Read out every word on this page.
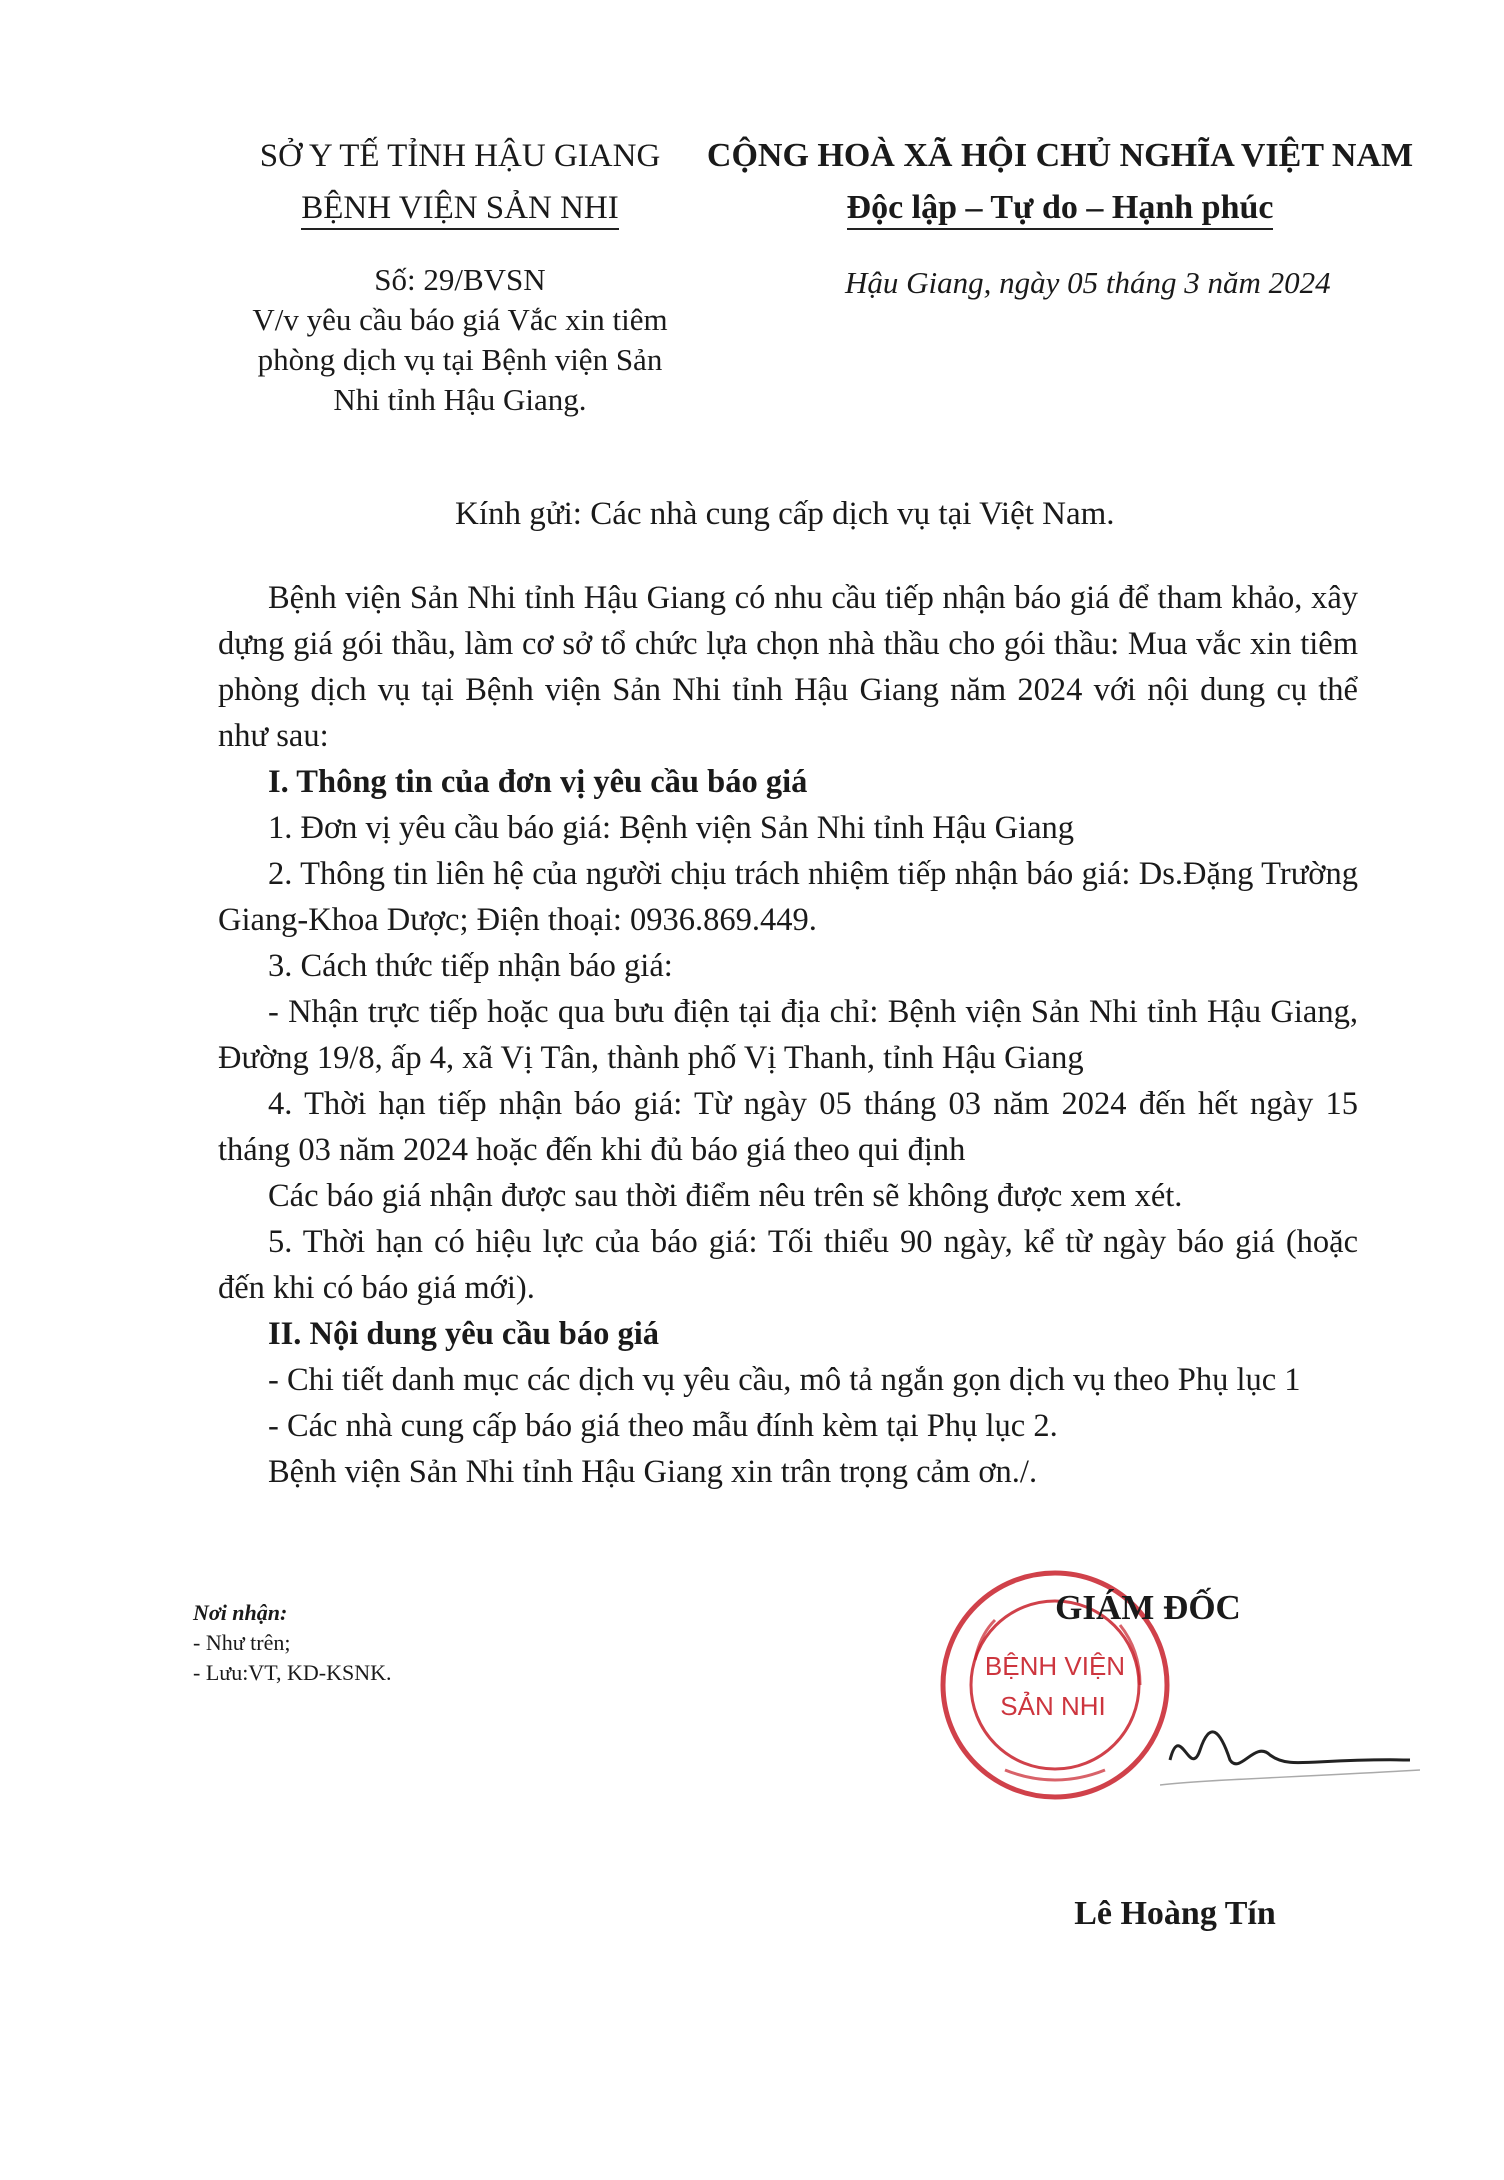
SỞ Y TẾ TỈNH HẬU GIANG
BỆNH VIỆN SẢN NHI
CỘNG HOÀ XÃ HỘI CHỦ NGHĨA VIỆT NAM
Độc lập – Tự do – Hạnh phúc
Số: 29/BVSN
V/v yêu cầu báo giá Vắc xin tiêm
phòng dịch vụ tại Bệnh viện Sản
Nhi tỉnh Hậu Giang.
Hậu Giang, ngày 05 tháng 3 năm 2024
Kính gửi: Các nhà cung cấp dịch vụ tại Việt Nam.

Bệnh viện Sản Nhi tỉnh Hậu Giang có nhu cầu tiếp nhận báo giá để tham khảo, xây dựng giá gói thầu, làm cơ sở tổ chức lựa chọn nhà thầu cho gói thầu: Mua vắc xin tiêm phòng dịch vụ tại Bệnh viện Sản Nhi tỉnh Hậu Giang năm 2024 với nội dung cụ thể như sau:

I. Thông tin của đơn vị yêu cầu báo giá

1. Đơn vị yêu cầu báo giá: Bệnh viện Sản Nhi tỉnh Hậu Giang

2. Thông tin liên hệ của người chịu trách nhiệm tiếp nhận báo giá: Ds.Đặng Trường Giang-Khoa Dược; Điện thoại: 0936.869.449.

3. Cách thức tiếp nhận báo giá:

- Nhận trực tiếp hoặc qua bưu điện tại địa chỉ: Bệnh viện Sản Nhi tỉnh Hậu Giang, Đường 19/8, ấp 4, xã Vị Tân, thành phố Vị Thanh, tỉnh Hậu Giang

4. Thời hạn tiếp nhận báo giá: Từ ngày 05 tháng 03 năm 2024 đến hết ngày 15 tháng 03 năm 2024 hoặc đến khi đủ báo giá theo qui định

Các báo giá nhận được sau thời điểm nêu trên sẽ không được xem xét.

5. Thời hạn có hiệu lực của báo giá: Tối thiểu 90 ngày, kể từ ngày báo giá (hoặc đến khi có báo giá mới).

II. Nội dung yêu cầu báo giá

- Chi tiết danh mục các dịch vụ yêu cầu, mô tả ngắn gọn dịch vụ theo Phụ lục 1

- Các nhà cung cấp báo giá theo mẫu đính kèm tại Phụ lục 2.

Bệnh viện Sản Nhi tỉnh Hậu Giang xin trân trọng cảm ơn./.

Nơi nhận:
- Như trên;
- Lưu:VT, KD-KSNK.	BỆNH VIỆN
SẢN NHI
GIÁM ĐỐC
Lê Hoàng Tín
